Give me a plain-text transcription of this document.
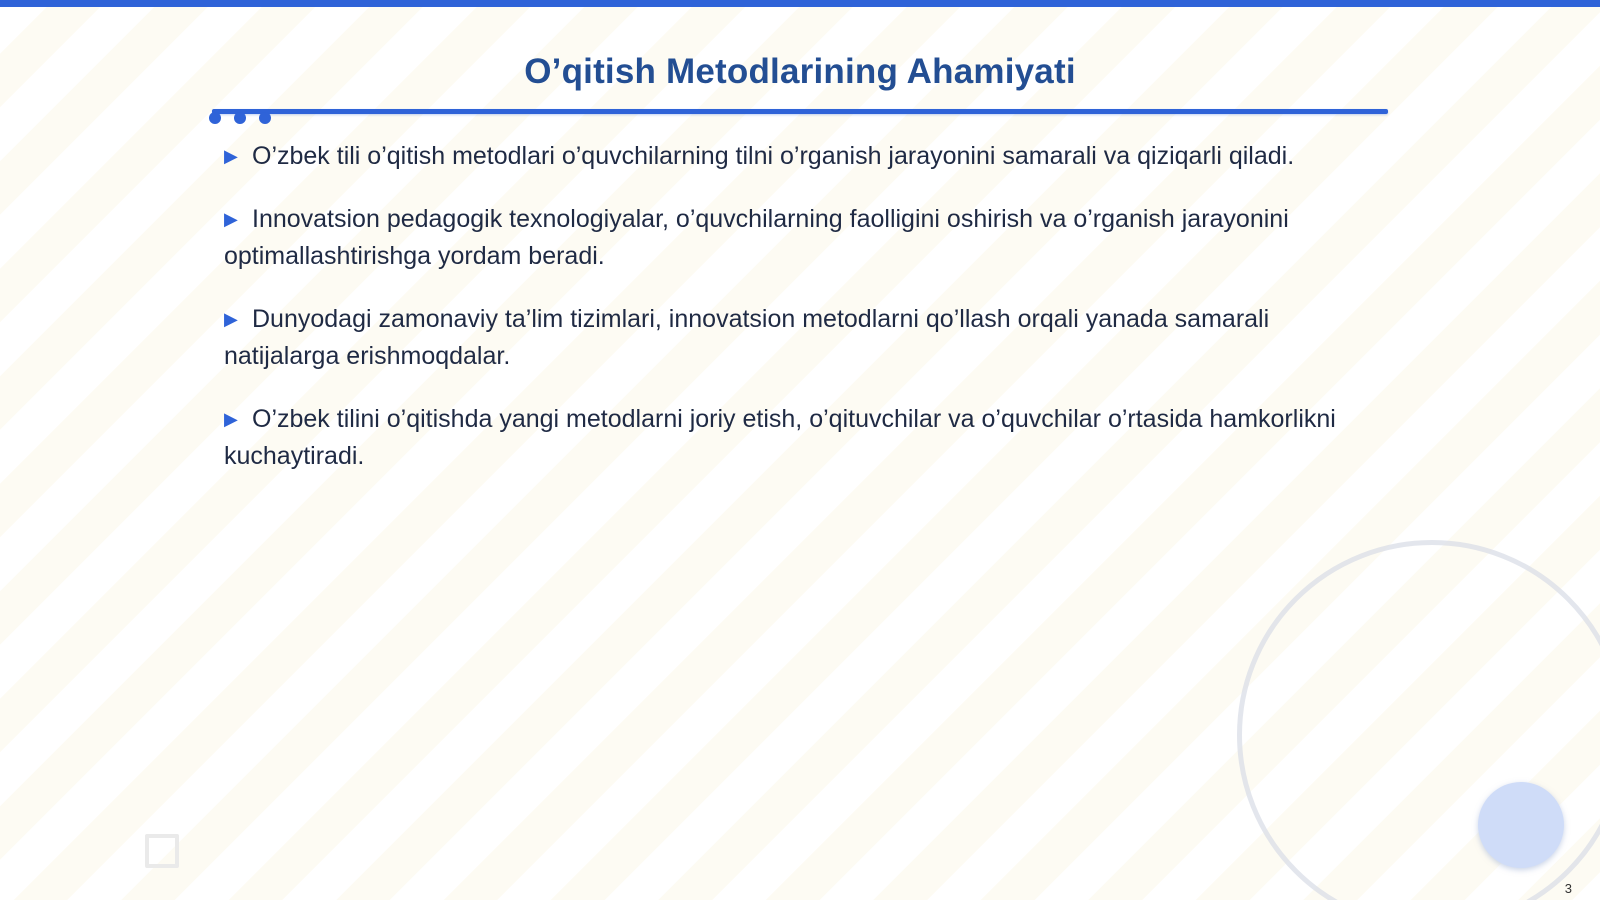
O’qitish Metodlarining Ahamiyati
▶ O’zbek tili o’qitish metodlari o’quvchilarning tilni o’rganish jarayonini samarali va qiziqarli qiladi.
▶ Innovatsion pedagogik texnologiyalar, o’quvchilarning faolligini oshirish va o’rganish jarayonini optimallashtirishga yordam beradi.
▶ Dunyodagi zamonaviy ta’lim tizimlari, innovatsion metodlarni qo’llash orqali yanada samarali natijalarga erishmoqdalar.
▶ O’zbek tilini o’qitishda yangi metodlarni joriy etish, o’qituvchilar va o’quvchilar o’rtasida hamkorlikni kuchaytiradi.
3
